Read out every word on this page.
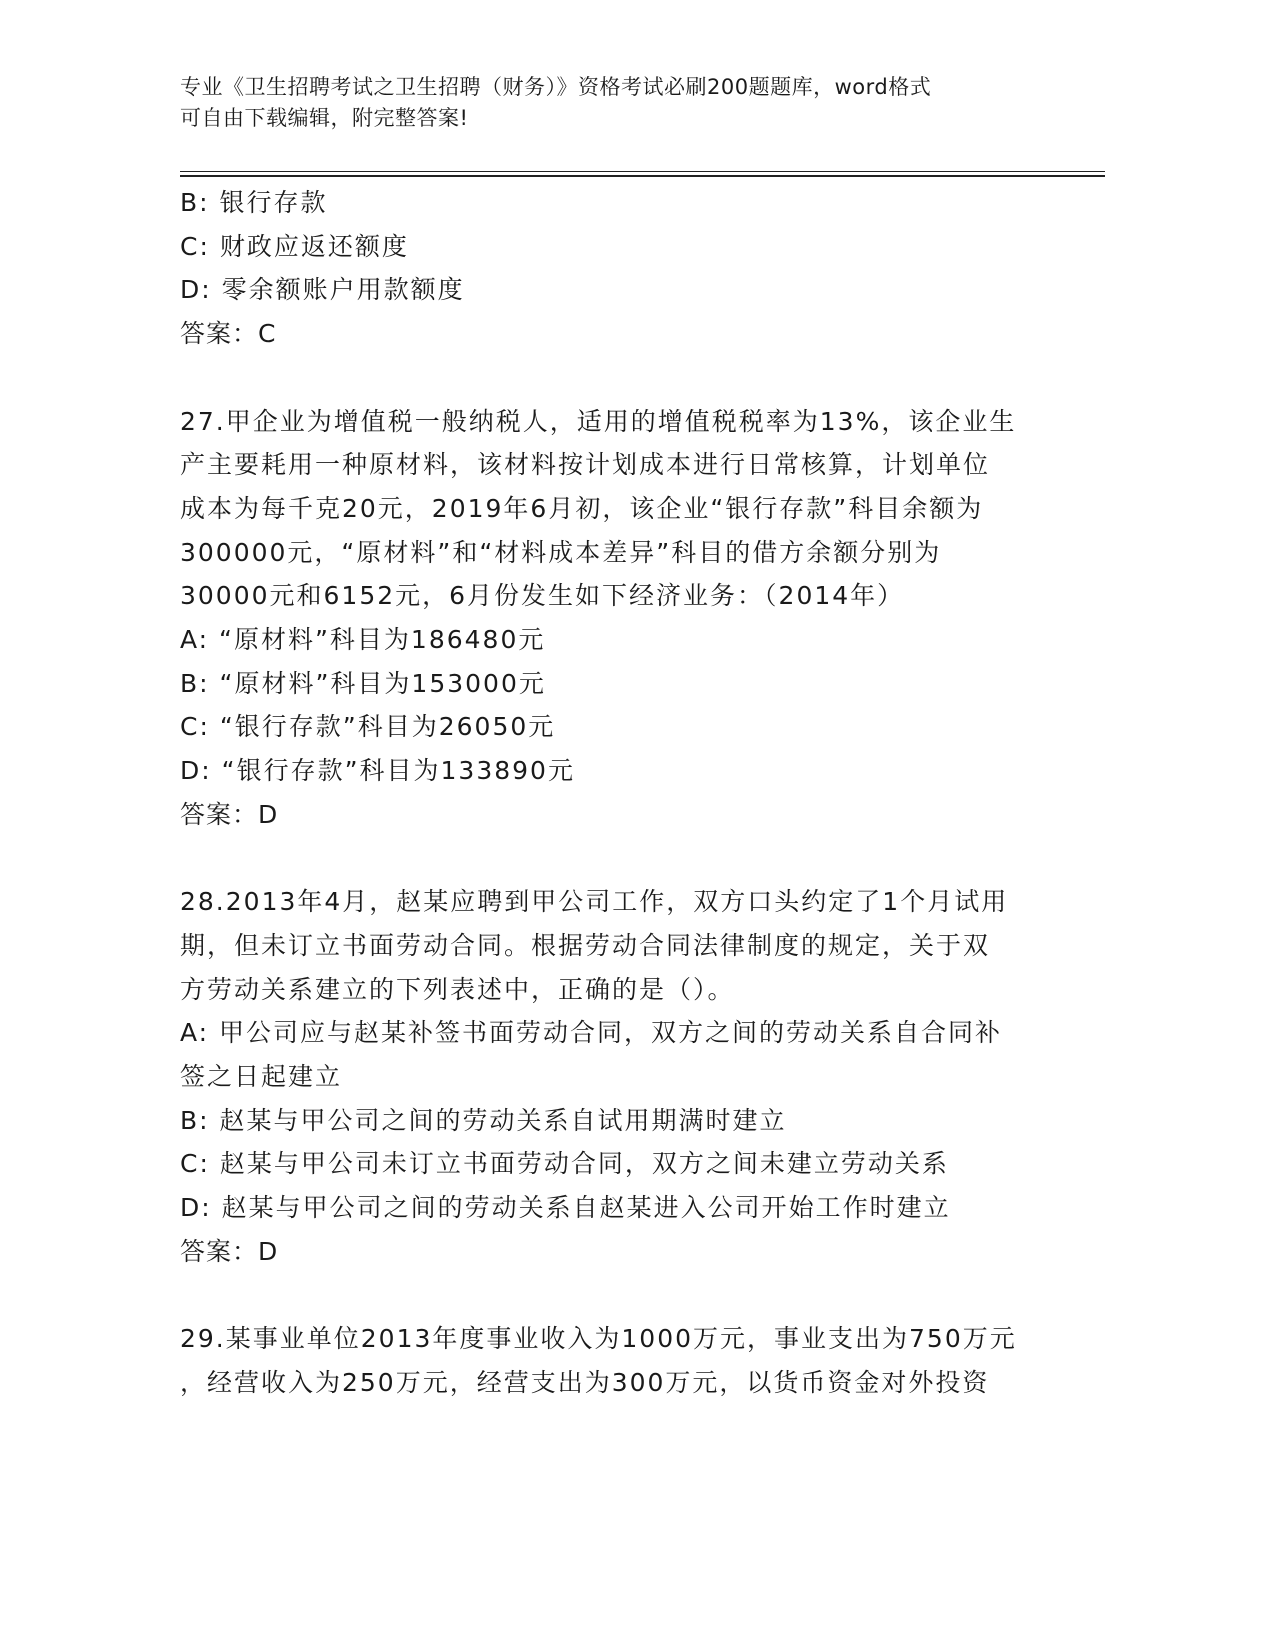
专业《卫生招聘考试之卫生招聘（财务）》资格考试必刷200题题库，word格式
可自由下载编辑，附完整答案!
B: 银行存款
C: 财政应返还额度
D: 零余额账户用款额度
答案：C
27.甲企业为增值税一般纳税人，适用的增值税税率为13%，该企业生
产主要耗用一种原材料，该材料按计划成本进行日常核算，计划单位
成本为每千克20元，2019年6月初，该企业“银行存款”科目余额为
300000元，“原材料”和“材料成本差异”科目的借方余额分别为
30000元和6152元，6月份发生如下经济业务：（2014年）
A: “原材料”科目为186480元
B: “原材料”科目为153000元
C: “银行存款”科目为26050元
D: “银行存款”科目为133890元
答案：D
28.2013年4月，赵某应聘到甲公司工作，双方口头约定了1个月试用
期，但未订立书面劳动合同。根据劳动合同法律制度的规定，关于双
方劳动关系建立的下列表述中，正确的是（）。
A: 甲公司应与赵某补签书面劳动合同，双方之间的劳动关系自合同补
签之日起建立
B: 赵某与甲公司之间的劳动关系自试用期满时建立
C: 赵某与甲公司未订立书面劳动合同，双方之间未建立劳动关系
D: 赵某与甲公司之间的劳动关系自赵某进入公司开始工作时建立
答案：D
29.某事业单位2013年度事业收入为1000万元，事业支出为750万元
，经营收入为250万元，经营支出为300万元，以货币资金对外投资
